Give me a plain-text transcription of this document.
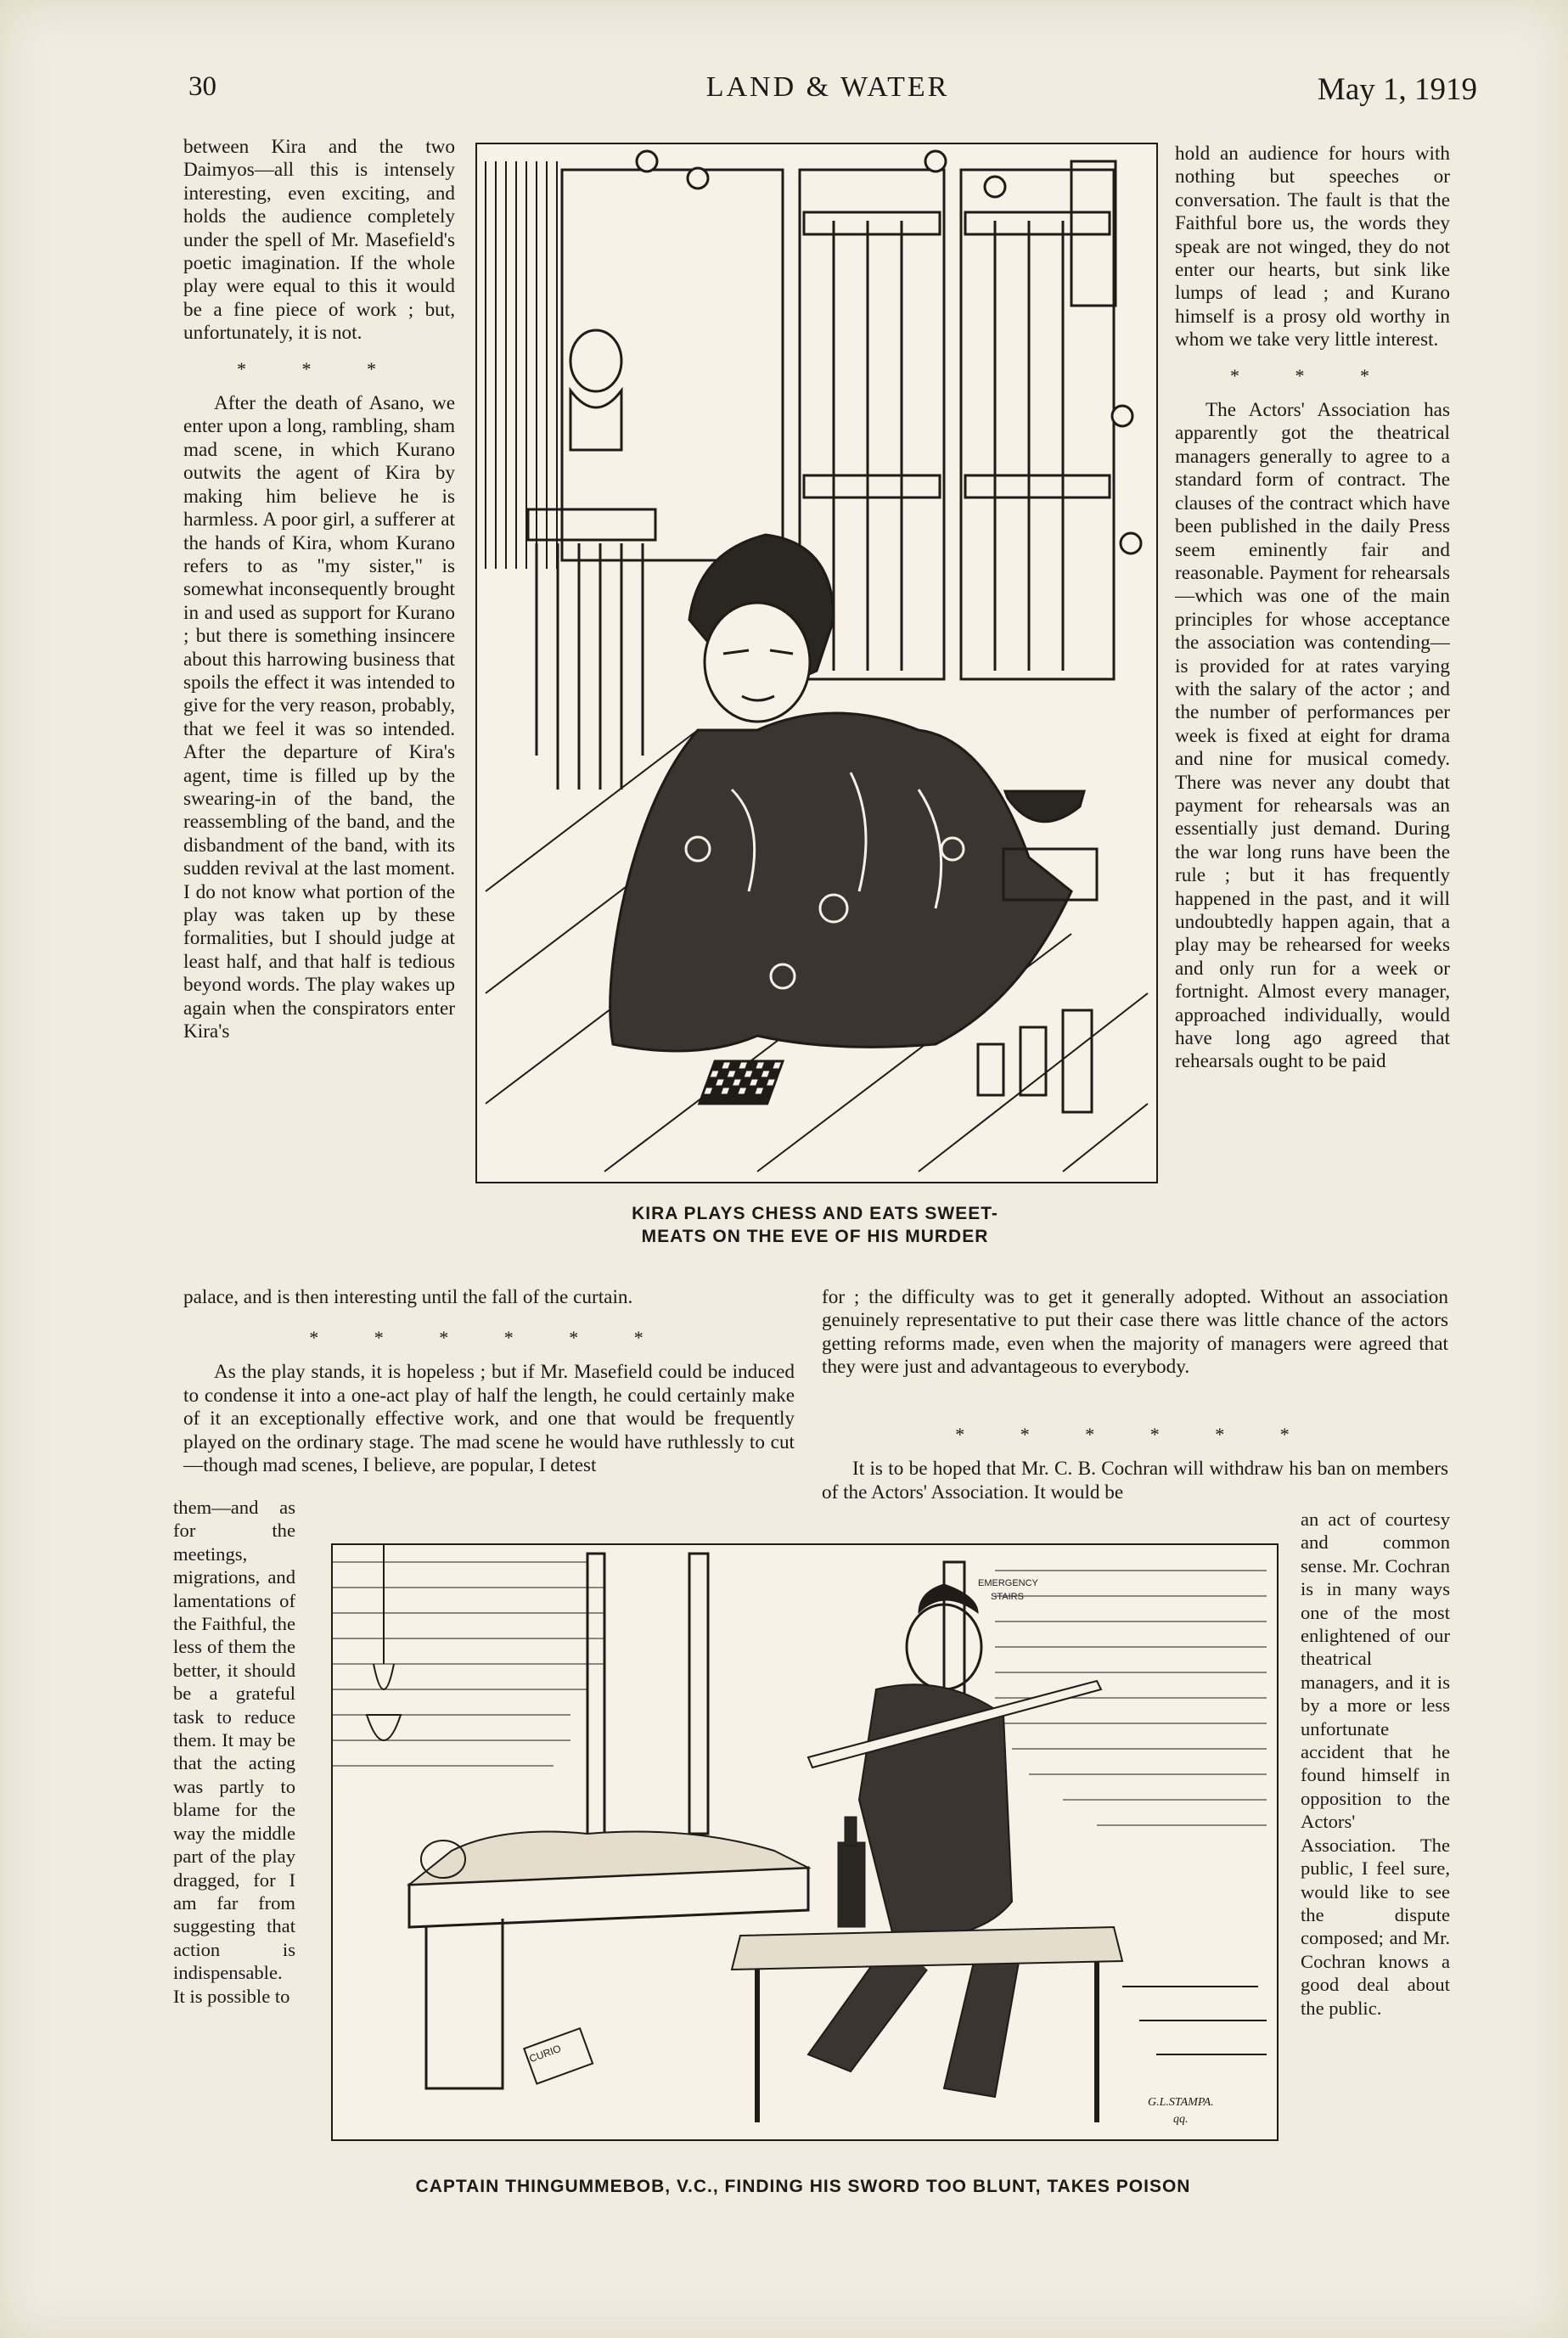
30	LAND & WATER	May 1, 1919

between Kira and the two Daimyos—all this is intensely interesting, even exciting, and holds the audience completely under the spell of Mr. Masefield's poetic imagination. If the whole play were equal to this it would be a fine piece of work ; but, unfortunately, it is not.

* * *

After the death of Asano, we enter upon a long, rambling, sham mad scene, in which Kurano outwits the agent of Kira by making him believe he is harmless. A poor girl, a sufferer at the hands of Kira, whom Kurano refers to as "my sister," is somewhat inconsequently brought in and used as support for Kurano ; but there is something insincere about this harrowing business that spoils the effect it was intended to give for the very reason, probably, that we feel it was so intended. After the departure of Kira's agent, time is filled up by the swearing-in of the band, the reassembling of the band, and the disbandment of the band, with its sudden revival at the last moment. I do not know what portion of the play was taken up by these formalities, but I should judge at least half, and that half is tedious beyond words. The play wakes up again when the conspirators enter Kira's

palace, and is then interesting until the fall of the curtain.

hold an audience for hours with nothing but speeches or conversation. The fault is that the Faithful bore us, the words they speak are not winged, they do not enter our hearts, but sink like lumps of lead ; and Kurano himself is a prosy old worthy in whom we take very little interest.

* * *

The Actors' Association has apparently got the theatrical managers generally to agree to a standard form of contract. The clauses of the contract which have been published in the daily Press seem eminently fair and reasonable. Payment for rehearsals—which was one of the main principles for whose acceptance the association was contending—is provided for at rates varying with the salary of the actor ; and the number of performances per week is fixed at eight for drama and nine for musical comedy. There was never any doubt that payment for rehearsals was an essentially just demand. During the war long runs have been the rule ; but it has frequently happened in the past, and it will undoubtedly happen again, that a play may be rehearsed for weeks and only run for a week or fortnight. Almost every manager, approached individually, would have long ago agreed that rehearsals ought to be paid

KIRA PLAYS CHESS AND EATS SWEET-
MEATS ON THE EVE OF HIS MURDER

for ; the difficulty was to get it generally adopted. Without an association genuinely representative to put their case there was little chance of the actors getting reforms made, even when the majority of managers were agreed that they were just and advantageous to everybody.

* * * * * *

As the play stands, it is hopeless ; but if Mr. Masefield could be induced to condense it into a one-act play of half the length, he could certainly make of it an exceptionally effective work, and one that would be frequently played on the ordinary stage. The mad scene he would have ruthlessly to cut—though mad scenes, I believe, are popular, I detest

* * * * * *

It is to be hoped that Mr. C. B. Cochran will withdraw his ban on members of the Actors' Association. It would be

them—and as for the meetings, migrations, and lamentations of the Faithful, the less of them the better, it should be a grateful task to reduce them. It may be that the acting was partly to blame for the way the middle part of the play dragged, for I am far from suggesting that action is indispensable. It is possible to

an act of courtesy and common sense. Mr. Cochran is in many ways one of the most enlightened of our theatrical managers, and it is by a more or less unfortunate accident that he found himself in opposition to the Actors' Association. The public, I feel sure, would like to see the dispute composed; and Mr. Cochran knows a good deal about the public.

EMERGENCY
STAIRS
CURIO
G.L.STAMPA.
qq.
CAPTAIN THINGUMMEBOB, V.C., FINDING HIS SWORD TOO BLUNT, TAKES POISON
